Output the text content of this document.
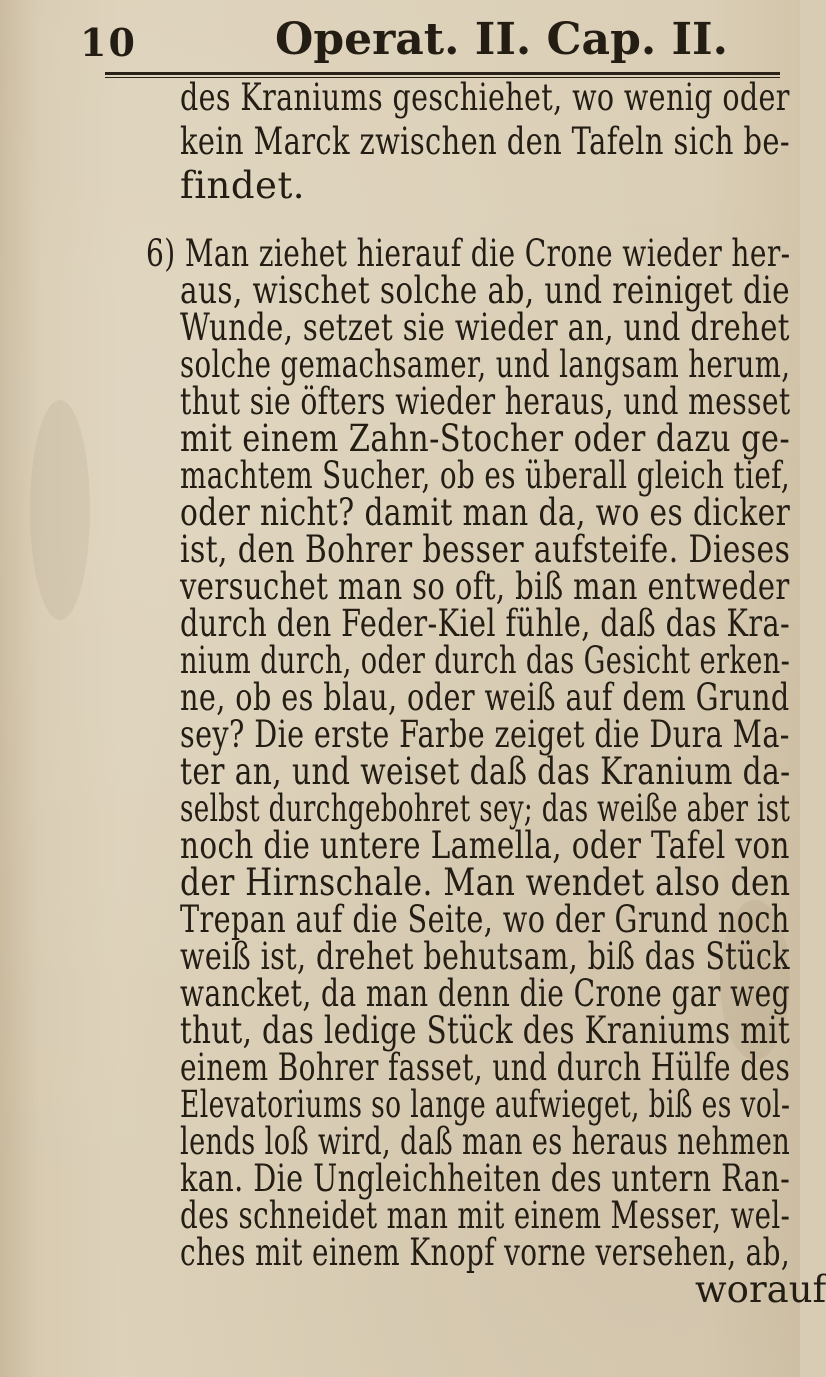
10	Operat. II. Cap. II.
des Kraniums geschiehet, wo wenig oder
kein Marck zwischen den Tafeln sich be-
findet.
6) Man ziehet hierauf die Crone wieder her-
aus, wischet solche ab, und reiniget die
Wunde, setzet sie wieder an, und drehet
solche gemachsamer, und langsam herum,
thut sie öfters wieder heraus, und messet
mit einem Zahn-Stocher oder dazu ge-
machtem Sucher, ob es überall gleich tief,
oder nicht? damit man da, wo es dicker
ist, den Bohrer besser aufsteife. Dieses
versuchet man so oft, biß man entweder
durch den Feder-Kiel fühle, daß das Kra-
nium durch, oder durch das Gesicht erken-
ne, ob es blau, oder weiß auf dem Grund
sey? Die erste Farbe zeiget die Dura Ma-
ter an, und weiset daß das Kranium da-
selbst durchgebohret sey; das weiße aber ist
noch die untere Lamella, oder Tafel von
der Hirnschale. Man wendet also den
Trepan auf die Seite, wo der Grund noch
weiß ist, drehet behutsam, biß das Stück
wancket, da man denn die Crone gar weg
thut, das ledige Stück des Kraniums mit
einem Bohrer fasset, und durch Hülfe des
Elevatoriums so lange aufwieget, biß es vol-
lends loß wird, daß man es heraus nehmen
kan. Die Ungleichheiten des untern Ran-
des schneidet man mit einem Messer, wel-
ches mit einem Knopf vorne versehen, ab,
worauf
